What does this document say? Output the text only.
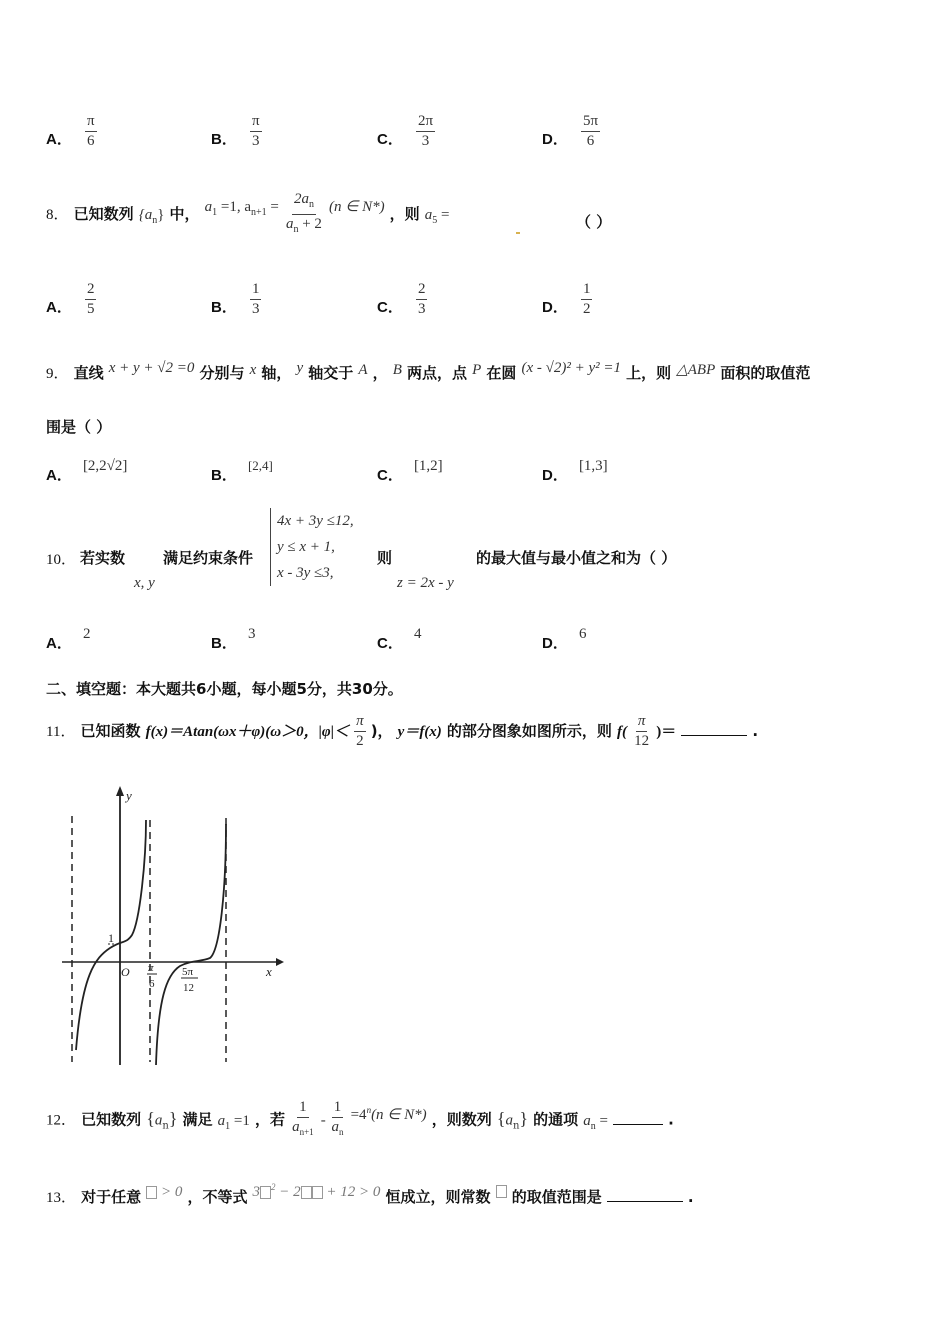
A． $\frac{\pi}{6}$	B． $\frac{\pi}{3}$	C． $\frac{2\pi}{3}$	D． $\frac{5\pi}{6}$
8． 已知数列 $\{a_n\}$ 中， $a_1 =1$, $a_{n+1} = \frac{2a_n}{a_n + 2} (n$ ∈ N*) ，则 $a_5$ =	（ ）
A． $\frac{2}{5}$	B． $\frac{1}{3}$	C． $\frac{2}{3}$	D． $\frac{1}{2}$
9． 直线 x + y + √2 =0 分别与 x 轴， y 轴交于 A ， B 两点，点 P 在圆 (x - √2)² + y² =1 上，则 △ABP 面积的取值范
围是（ ）
A． [2,2√2]
B． [2,4]
C． [1,2]
D． [1,3]
10． 若实数
x, y
满足约束条件
4x + 3y ≤12,
y ≤ x + 1,
x - 3y ≤3,
则
z = 2x - y
的最大值与最小值之和为（ ）
A． 2
B． 3
C． 4
D． 6
二、填空题：本大题共6小题，每小题5分，共30分。
11． 已知函数 f(x)＝Atan(ωx＋φ)(ω＞0，$|\varphi|< \frac{\pi}{2}$ )， y＝f(x) 的部分图象如图所示，则 $f( \frac{\pi}{12}$ )＝	.
y
x
O
1
π
6
5π
12
12． 已知数列 $\{a_n\}$ 满足 $a_1 =1$ ，若 $\frac{1}{a_{n+1}} - \frac{1}{a_n} =4^n(n$ ∈ N*) ，则数列 $\{a_n\}$ 的通项 $a_n$ =	.
13． 对于任意  > 0 ，不等式 3 $^2$ − 2 + 12 > 0 恒成立，则常数 的取值范围是	.
